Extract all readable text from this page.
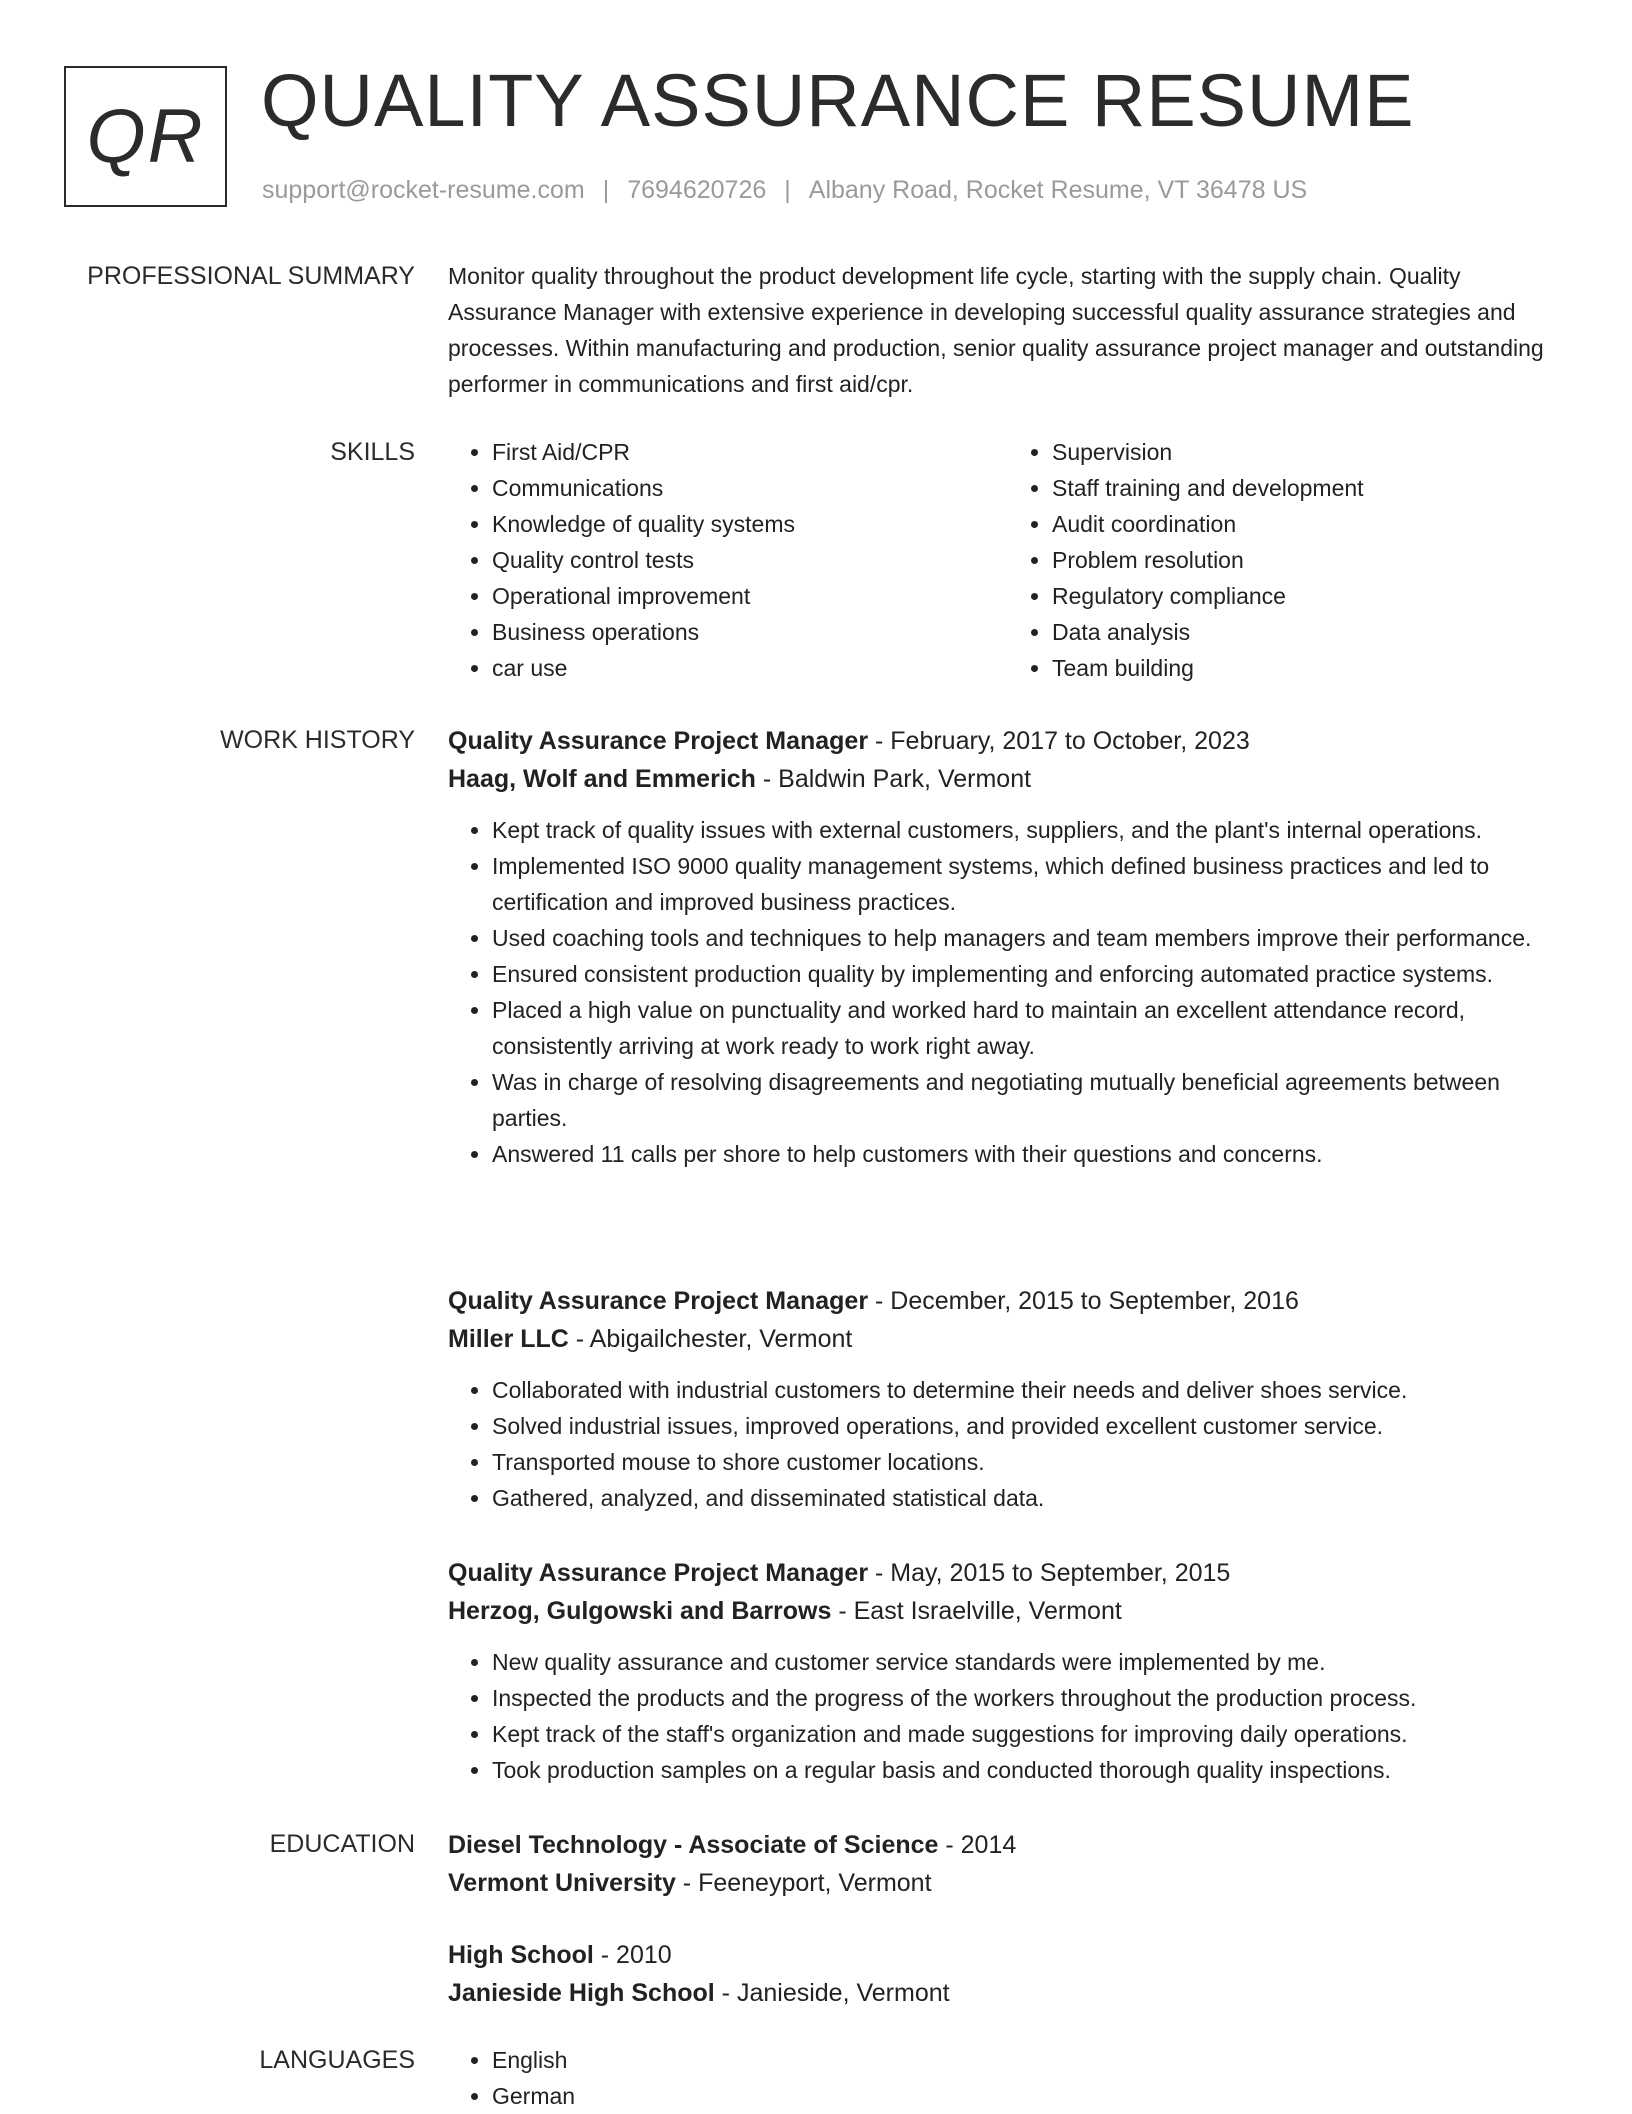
QR QUALITY ASSURANCE RESUME
support@rocket-resume.com | 7694620726 | Albany Road, Rocket Resume, VT 36478 US
PROFESSIONAL SUMMARY Monitor quality throughout the product development life cycle, starting with the supply chain. Quality Assurance Manager with extensive experience in developing successful quality assurance strategies and processes. Within manufacturing and production, senior quality assurance project manager and outstanding performer in communications and first aid/cpr.

SKILLS	• First Aid/CPR
• Communications
• Knowledge of quality systems
• Quality control tests
• Operational improvement
• Business operations
• car use
• Supervision
• Staff training and development
• Audit coordination
• Problem resolution
• Regulatory compliance
• Data analysis
• Team building
WORK HISTORY Quality Assurance Project Manager - February, 2017 to October, 2023
Haag, Wolf and Emmerich - Baldwin Park, Vermont
• Kept track of quality issues with external customers, suppliers, and the plant's internal operations.
• Implemented ISO 9000 quality management systems, which defined business practices and led to certification and improved business practices.
• Used coaching tools and techniques to help managers and team members improve their performance.
• Ensured consistent production quality by implementing and enforcing automated practice systems.
• Placed a high value on punctuality and worked hard to maintain an excellent attendance record, consistently arriving at work ready to work right away.
• Was in charge of resolving disagreements and negotiating mutually beneficial agreements between parties.
• Answered 11 calls per shore to help customers with their questions and concerns.
Quality Assurance Project Manager - December, 2015 to September, 2016
Miller LLC - Abigailchester, Vermont
• Collaborated with industrial customers to determine their needs and deliver shoes service.
• Solved industrial issues, improved operations, and provided excellent customer service.
• Transported mouse to shore customer locations.
• Gathered, analyzed, and disseminated statistical data.
Quality Assurance Project Manager - May, 2015 to September, 2015
Herzog, Gulgowski and Barrows - East Israelville, Vermont
• New quality assurance and customer service standards were implemented by me.
• Inspected the products and the progress of the workers throughout the production process.
• Kept track of the staff's organization and made suggestions for improving daily operations.
• Took production samples on a regular basis and conducted thorough quality inspections.
EDUCATION Diesel Technology - Associate of Science - 2014
Vermont University - Feeneyport, Vermont
High School - 2010
Janieside High School - Janieside, Vermont
LANGUAGES	• English
• German
